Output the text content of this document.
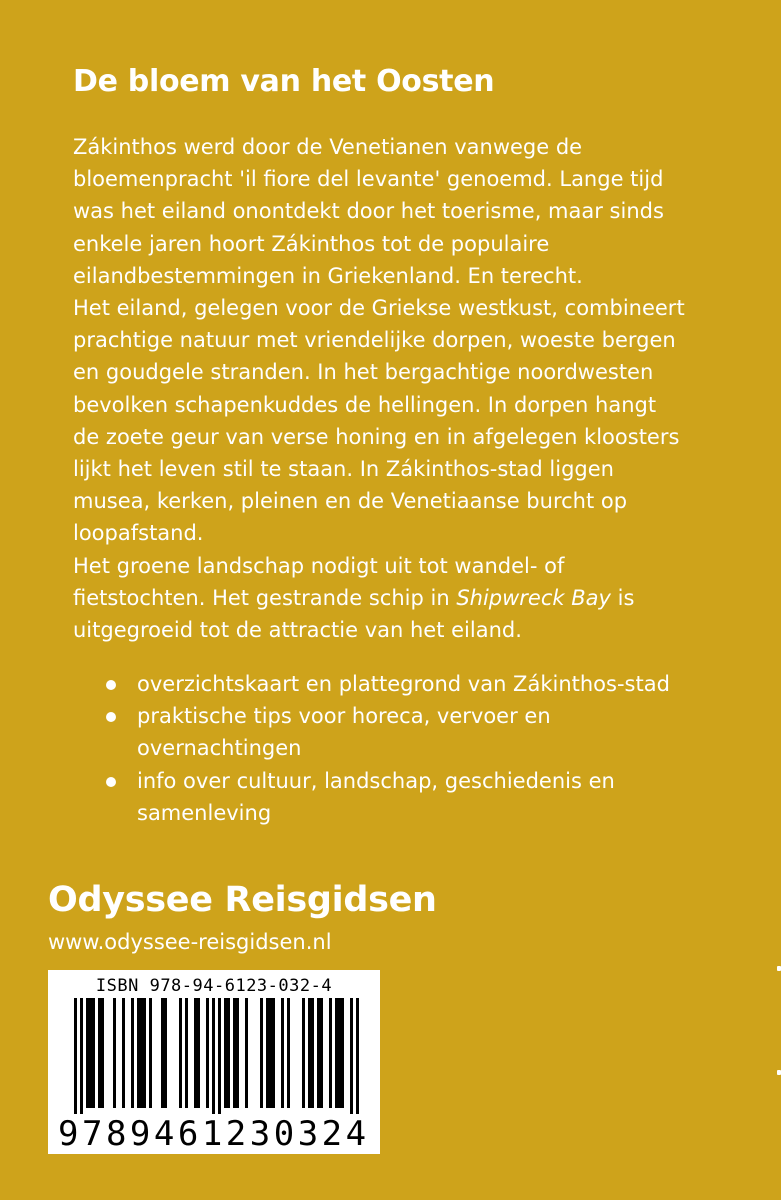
De bloem van het Oosten

Zákinthos werd door de Venetianen vanwege de
bloemenpracht 'il fiore del levante' genoemd. Lange tijd
was het eiland onontdekt door het toerisme, maar sinds
enkele jaren hoort Zákinthos tot de populaire
eilandbestemmingen in Griekenland. En terecht.

Het eiland, gelegen voor de Griekse westkust, combineert
prachtige natuur met vriendelijke dorpen, woeste bergen
en goudgele stranden. In het bergachtige noordwesten
bevolken schapenkuddes de hellingen. In dorpen hangt
de zoete geur van verse honing en in afgelegen kloosters
lijkt het leven stil te staan. In Zákinthos-stad liggen
musea, kerken, pleinen en de Venetiaanse burcht op
loopafstand.

Het groene landschap nodigt uit tot wandel- of
fietstochten. Het gestrande schip in Shipwreck Bay is
uitgegroeid tot de attractie van het eiland.

overzichtskaart en plattegrond van Zákinthos-stad
praktische tips voor horeca, vervoer en
overnachtingen
info over cultuur, landschap, geschiedenis en
samenleving
Odyssee Reisgidsen
www.odyssee-reisgidsen.nl
ISBN 978-94-6123-032-4
9789461230324
